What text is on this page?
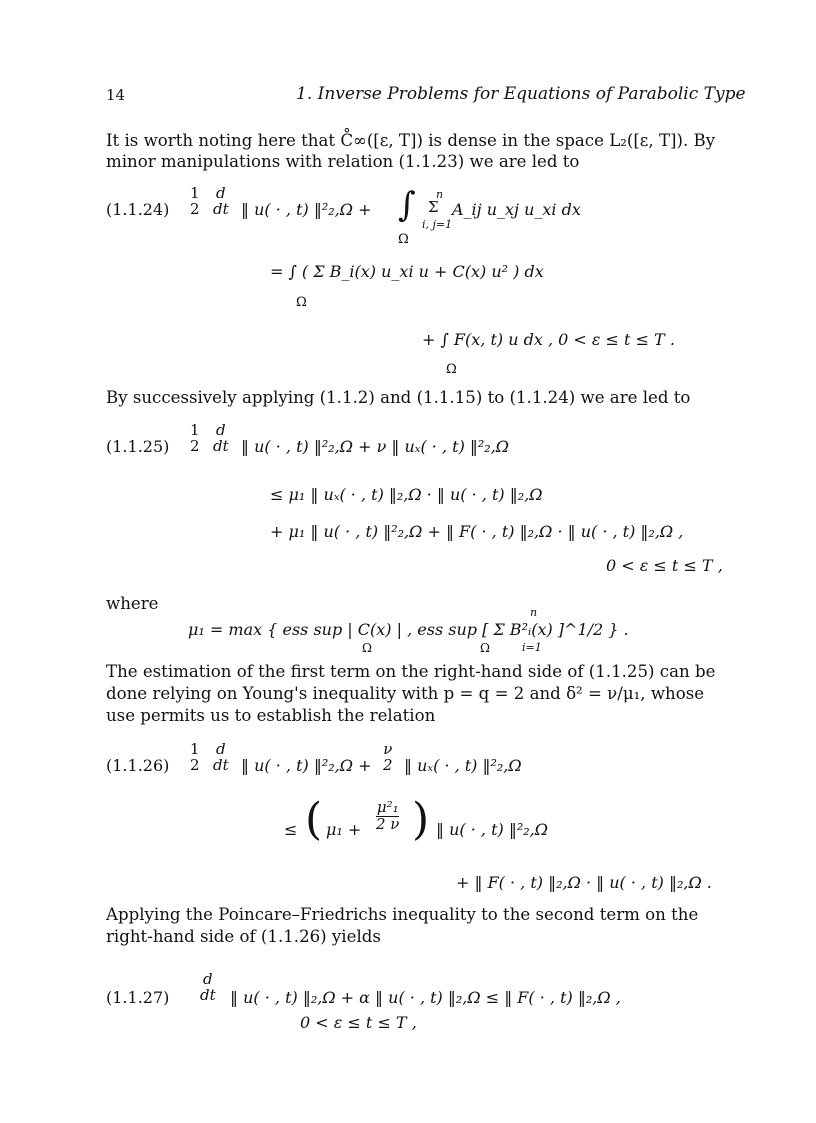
14	1. Inverse Problems for Equations of Parabolic Type
It is worth noting here that C̊∞([ε, T]) is dense in the space L₂([ε, T]). By
minor manipulations with relation (1.1.23) we are led to
(1.1.24)
1
2
d
dt ‖ u( · , t) ‖²₂,Ω + ∫
Ω
n
Σ
i, j=1
A_ij u_xj u_xi dx
= ∫ ( Σ B_i(x) u_xi u + C(x) u² ) dx
Ω
+ ∫ F(x, t) u dx , 0 < ε ≤ t ≤ T .
Ω
By successively applying (1.1.2) and (1.1.15) to (1.1.24) we are led to
(1.1.25)
1
2
d
dt ‖ u( · , t) ‖²₂,Ω + ν ‖ uₓ( · , t) ‖²₂,Ω
≤ μ₁ ‖ uₓ( · , t) ‖₂,Ω · ‖ u( · , t) ‖₂,Ω
+ μ₁ ‖ u( · , t) ‖²₂,Ω + ‖ F( · , t) ‖₂,Ω · ‖ u( · , t) ‖₂,Ω ,
0 < ε ≤ t ≤ T ,
where
μ₁ = max { ess sup | C(x) | , ess sup [ Σ B²ᵢ(x) ]^1/2 } .
Ω	Ω
n
i=1
The estimation of the first term on the right-hand side of (1.1.25) can be
done relying on Young's inequality with p = q = 2 and δ² = ν/μ₁, whose
use permits us to establish the relation
(1.1.26)
1
2
d
dt ‖ u( · , t) ‖²₂,Ω +
ν
2 ‖ uₓ( · , t) ‖²₂,Ω
≤ ( $\mu_1 + \frac{\text{μ²₁}}{2 \nu}$ ) ‖ u( · , t) ‖²₂,Ω
+ ‖ F( · , t) ‖₂,Ω · ‖ u( · , t) ‖₂,Ω .
Applying the Poincare–Friedrichs inequality to the second term on the
right-hand side of (1.1.26) yields
(1.1.27)
d
dt ‖ u( · , t) ‖₂,Ω + α ‖ u( · , t) ‖₂,Ω ≤ ‖ F( · , t) ‖₂,Ω ,
0 < ε ≤ t ≤ T ,
